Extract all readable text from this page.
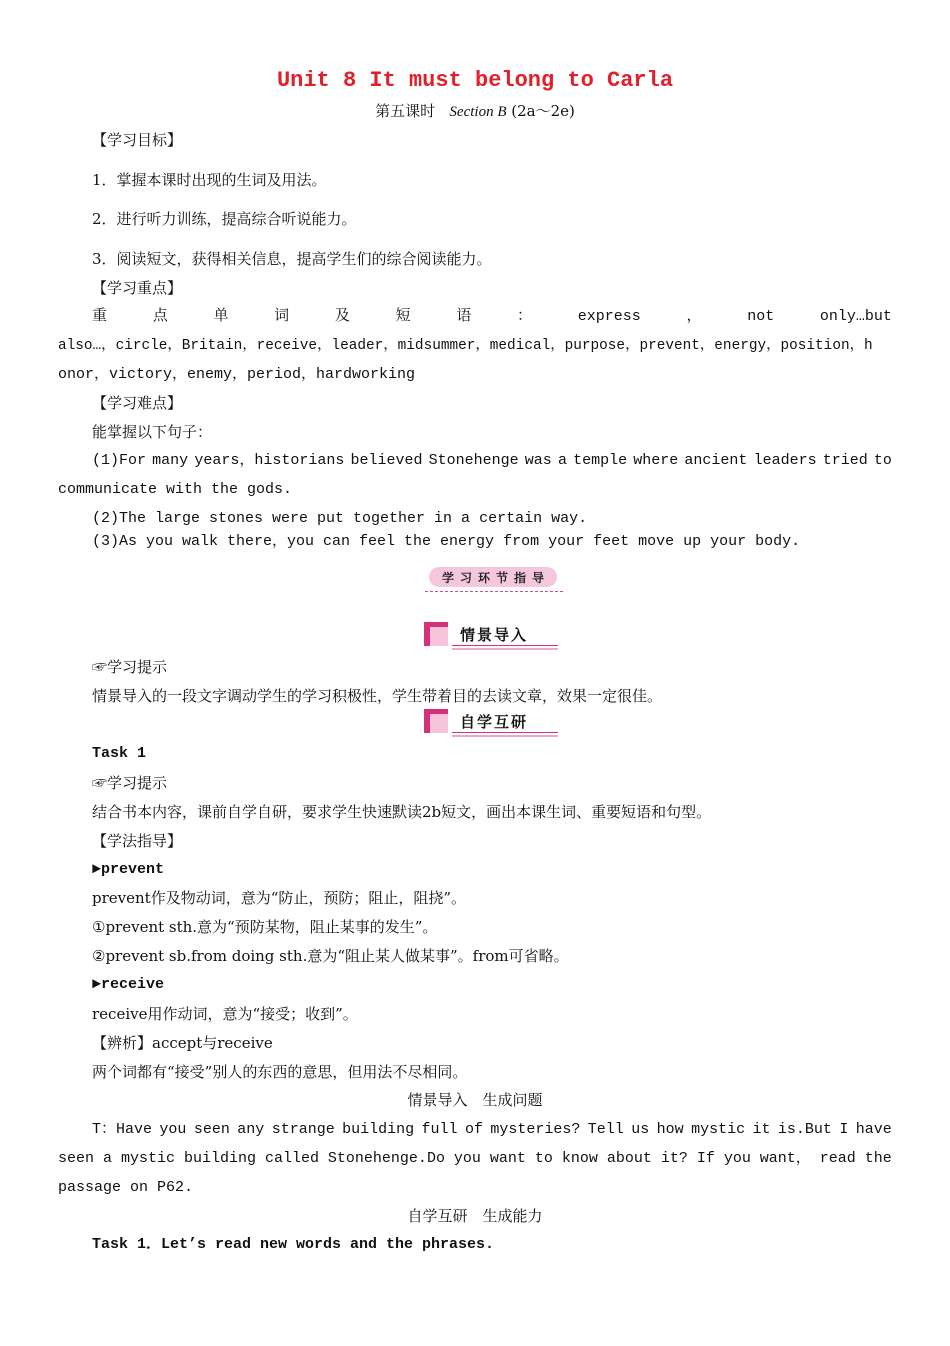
Unit 8 It must belong to Carla
第五课时 Section B (2a～2e)
【学习目标】
1．掌握本课时出现的生词及用法。
2．进行听力训练，提高综合听说能力。
3．阅读短文，获得相关信息，提高学生们的综合阅读能力。
【学习重点】
重	点	单	词	及	短	语	：	express	，	not	only…but
also…，circle，Britain，receive，leader，midsummer，medical，purpose，prevent，energy，position，h
onor，victory，enemy，period，hardworking
【学习难点】
能掌握以下句子：
(1)For many years，historians believed Stonehenge was a temple where ancient leaders tried to
communicate with the gods.
(2)The large stones were put together in a certain way.
(3)As you walk there，you can feel the energy from your feet move up your body.
学 习 环 节 指 导
情景导入
☞学习提示
情景导入的一段文字调动学生的学习积极性，学生带着目的去读文章，效果一定很佳。
自学互研
Task 1
☞学习提示
结合书本内容，课前自学自研，要求学生快速默读2b短文，画出本课生词、重要短语和句型。
【学法指导】
►prevent
prevent作及物动词，意为“防止，预防；阻止，阻挠”。
①prevent sth.意为“预防某物，阻止某事的发生”。
②prevent sb.from doing sth.意为“阻止某人做某事”。from可省略。
►receive
receive用作动词，意为“接受；收到”。
【辨析】accept与receive
两个词都有“接受”别人的东西的意思，但用法不尽相同。
情景导入　生成问题
T：Have you seen any strange building full of mysteries? Tell us how mystic it is.But I have
seen a mystic building called Stonehenge.Do you want to know about it? If you want， read the
passage on P62.
自学互研　生成能力
Task 1．Let’s read new words and the phrases.
